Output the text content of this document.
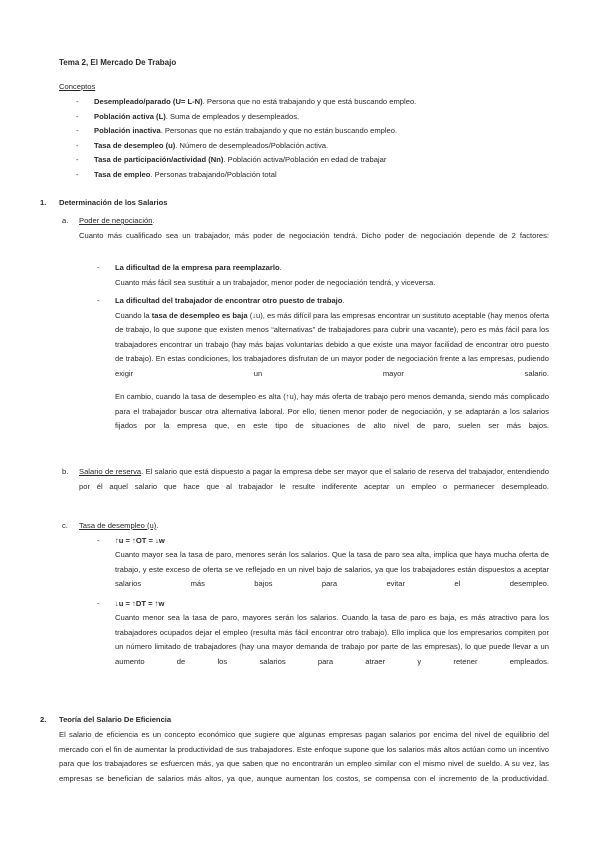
Tema 2, El Mercado De Trabajo
Conceptos
- Desempleado/parado (U= L-N). Persona que no está trabajando y que está buscando empleo.
- Población activa (L). Suma de empleados y desempleados.
- Población inactiva. Personas que no están trabajando y que no están buscando empleo.
- Tasa de desempleo (u). Número de desempleados/Población activa.
- Tasa de participación/actividad (Nn). Población activa/Población en edad de trabajar
- Tasa de empleo. Personas trabajando/Población total
1. Determinación de los Salarios
a. Poder de negociación.
Cuanto más cualificado sea un trabajador, más poder de negociación tendrá. Dicho poder de negociación depende de 2 factores:
- La dificultad de la empresa para reemplazarlo.
Cuanto más fácil sea sustituir a un trabajador, menor poder de negociación tendrá, y viceversa.
- La dificultad del trabajador de encontrar otro puesto de trabajo.
Cuando la tasa de desempleo es baja (↓u), es más difícil para las empresas encontrar un sustituto aceptable (hay menos oferta de trabajo, lo que supone que existen menos “alternativas” de trabajadores para cubrir una vacante), pero es más fácil para los trabajadores encontrar un trabajo (hay más bajas voluntarias debido a que existe una mayor facilidad de encontrar otro puesto de trabajo). En estas condiciones, los trabajadores disfrutan de un mayor poder de negociación frente a las empresas, pudiendo exigir un mayor salario.
En cambio, cuando la tasa de desempleo es alta (↑u), hay más oferta de trabajo pero menos demanda, siendo más complicado para el trabajador buscar otra alternativa laboral. Por ello, tienen menor poder de negociación, y se adaptarán a los salarios fijados por la empresa que, en este tipo de situaciones de alto nivel de paro, suelen ser más bajos.
b. Salario de reserva. El salario que está dispuesto a pagar la empresa debe ser mayor que el salario de reserva del trabajador, entendiendo por él aquel salario que hace que al trabajador le resulte indiferente aceptar un empleo o permanecer desempleado.
c. Tasa de desempleo (u).
- ↑u = ↑OT = ↓w
Cuanto mayor sea la tasa de paro, menores serán los salarios. Que la tasa de paro sea alta, implica que haya mucha oferta de trabajo, y este exceso de oferta se ve reflejado en un nivel bajo de salarios, ya que los trabajadores están dispuestos a aceptar salarios más bajos para evitar el desempleo.
- ↓u = ↑DT = ↑w
Cuanto menor sea la tasa de paro, mayores serán los salarios. Cuando la tasa de paro es baja, es más atractivo para los trabajadores ocupados dejar el empleo (resulta más fácil encontrar otro trabajo). Ello implica que los empresarios compiten por un número limitado de trabajadores (hay una mayor demanda de trabajo por parte de las empresas), lo que puede llevar a un aumento de los salarios para atraer y retener empleados.
2. Teoría del Salario De Eficiencia
El salario de eficiencia es un concepto económico que sugiere que algunas empresas pagan salarios por encima del nivel de equilibrio del mercado con el fin de aumentar la productividad de sus trabajadores. Este enfoque supone que los salarios más altos actúan como un incentivo para que los trabajadores se esfuercen más, ya que saben que no encontrarán un empleo similar con el mismo nivel de sueldo. A su vez, las empresas se benefician de salarios más altos, ya que, aunque aumentan los costos, se compensa con el incremento de la productividad.
